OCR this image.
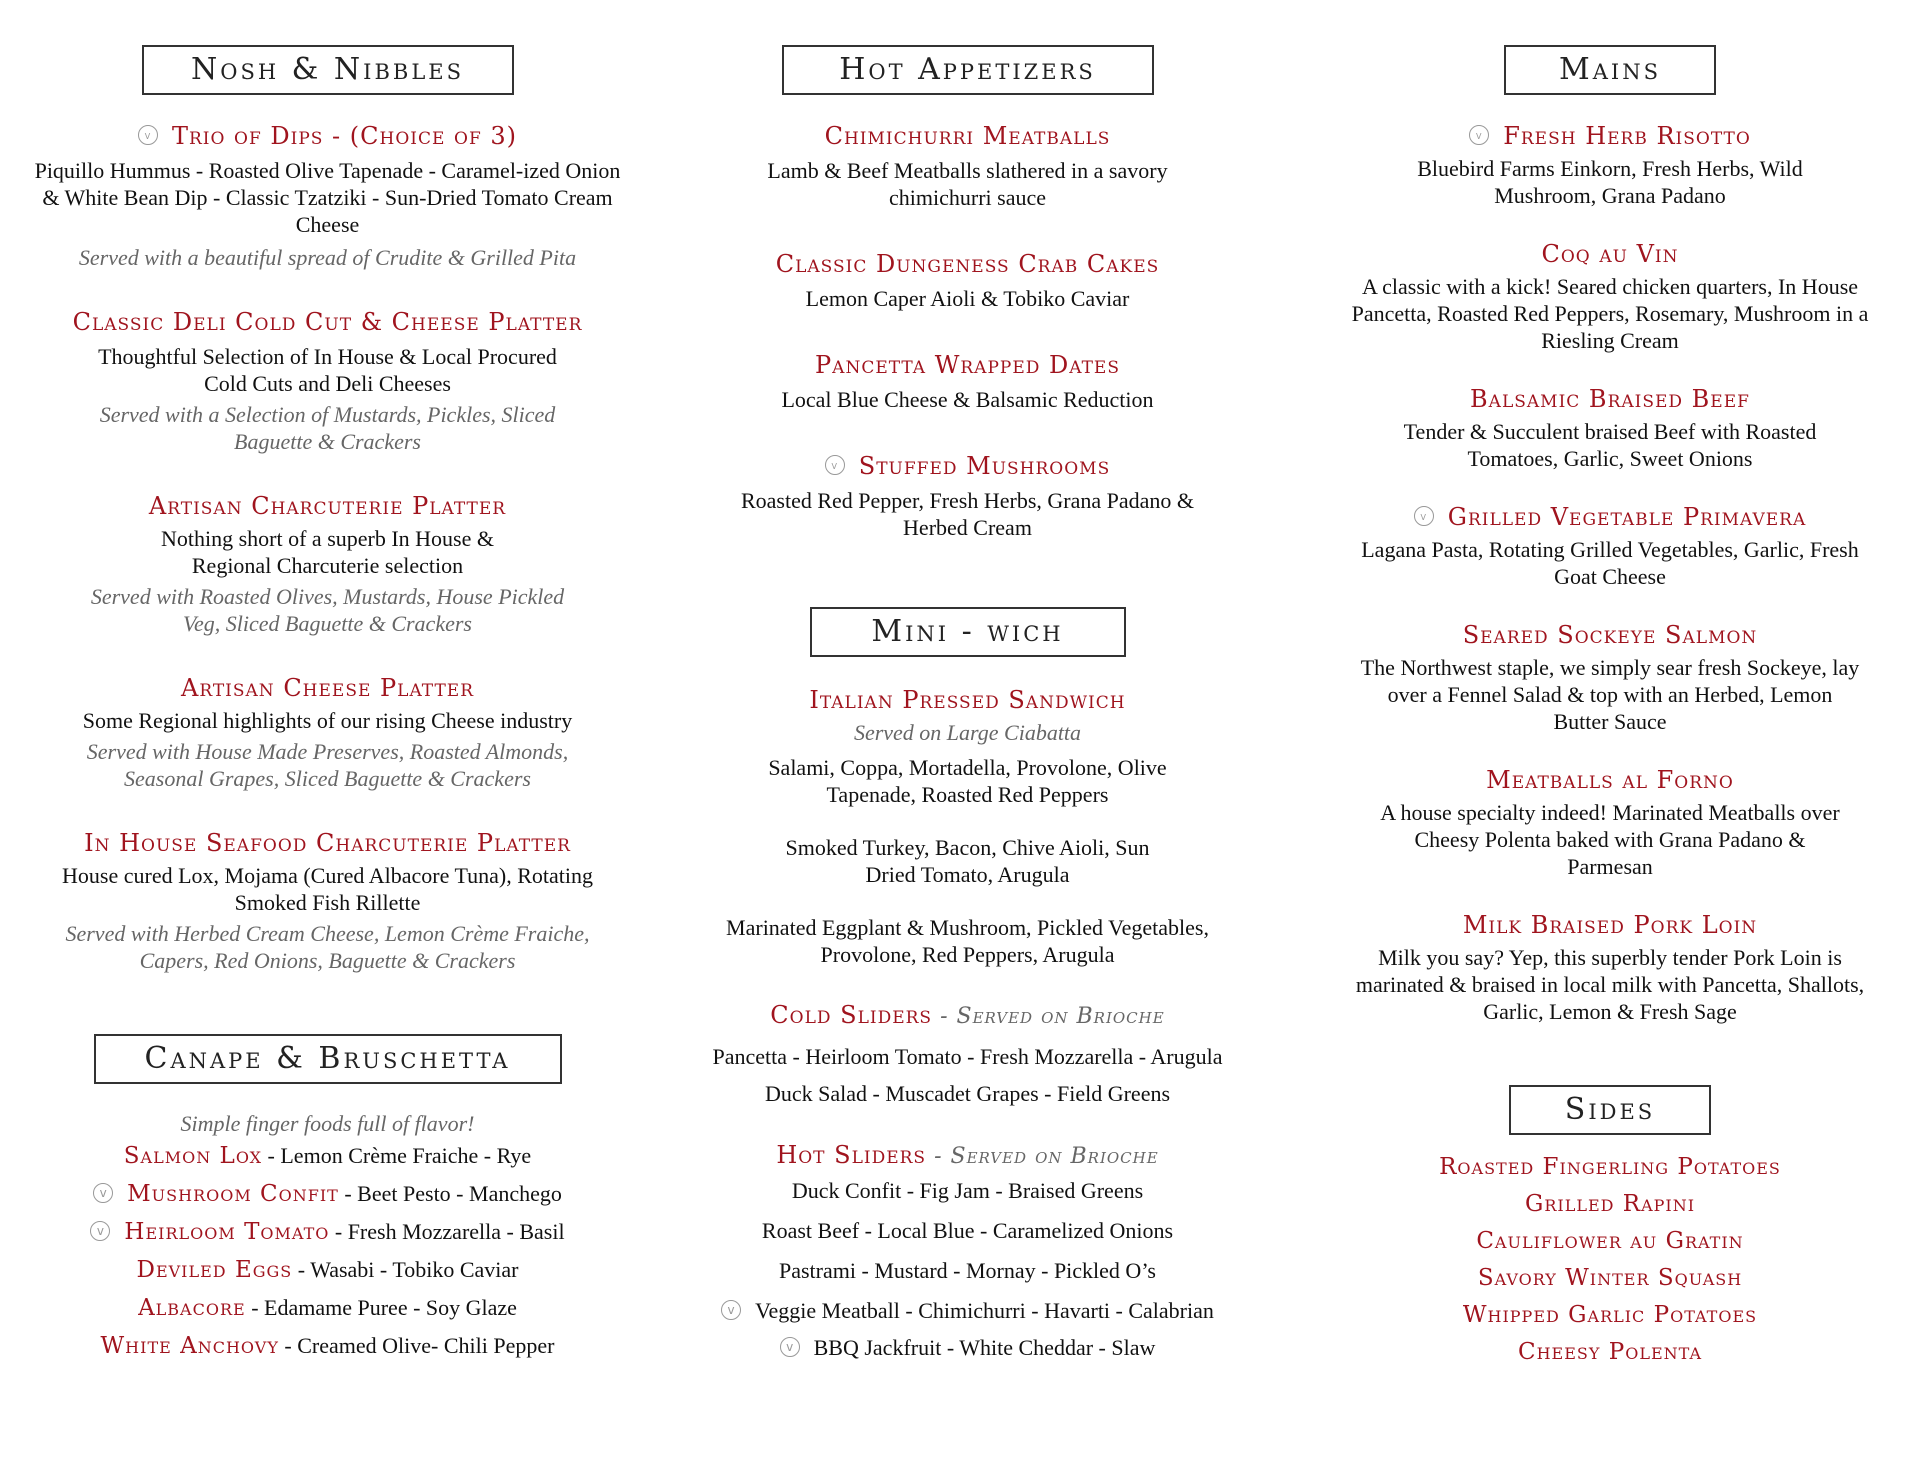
Nosh & Nibbles

v Trio of Dips - (Choice of 3)

Piquillo Hummus - Roasted Olive Tapenade - Caramel-ized Onion & White Bean Dip - Classic Tzatziki - Sun-Dried Tomato Cream Cheese

Served with a beautiful spread of Crudite & Grilled Pita

Classic Deli Cold Cut & Cheese Platter

Thoughtful Selection of In House & Local Procured Cold Cuts and Deli Cheeses

Served with a Selection of Mustards, Pickles, Sliced Baguette & Crackers

Artisan Charcuterie Platter

Nothing short of a superb In House & Regional Charcuterie selection

Served with Roasted Olives, Mustards, House Pickled Veg, Sliced Baguette & Crackers

Artisan Cheese Platter

Some Regional highlights of our rising Cheese industry

Served with House Made Preserves, Roasted Almonds, Seasonal Grapes, Sliced Baguette & Crackers

In House Seafood Charcuterie Platter

House cured Lox, Mojama (Cured Albacore Tuna), Rotating Smoked Fish Rillette

Served with Herbed Cream Cheese, Lemon Crème Fraiche, Capers, Red Onions, Baguette & Crackers

Canape & Bruschetta

Simple finger foods full of flavor!

Salmon Lox - Lemon Crème Fraiche - Rye

v Mushroom Confit - Beet Pesto - Manchego

v Heirloom Tomato - Fresh Mozzarella - Basil

Deviled Eggs - Wasabi - Tobiko Caviar

Albacore - Edamame Puree - Soy Glaze

White Anchovy - Creamed Olive- Chili Pepper

Hot Appetizers

Chimichurri Meatballs

Lamb & Beef Meatballs slathered in a savory chimichurri sauce

Classic Dungeness Crab Cakes

Lemon Caper Aioli & Tobiko Caviar

Pancetta Wrapped Dates

Local Blue Cheese & Balsamic Reduction

v Stuffed Mushrooms

Roasted Red Pepper, Fresh Herbs, Grana Padano & Herbed Cream

Mini - wich

Italian Pressed Sandwich

Served on Large Ciabatta

Salami, Coppa, Mortadella, Provolone, Olive Tapenade, Roasted Red Peppers

Smoked Turkey, Bacon, Chive Aioli, Sun Dried Tomato, Arugula

Marinated Eggplant & Mushroom, Pickled Vegetables, Provolone, Red Peppers, Arugula

Cold Sliders - Served on Brioche

Pancetta - Heirloom Tomato - Fresh Mozzarella - Arugula

Duck Salad - Muscadet Grapes - Field Greens

Hot Sliders - Served on Brioche

Duck Confit - Fig Jam - Braised Greens

Roast Beef - Local Blue - Caramelized Onions

Pastrami - Mustard - Mornay - Pickled O’s

v Veggie Meatball - Chimichurri - Havarti - Calabrian

v BBQ Jackfruit - White Cheddar - Slaw

Mains

v Fresh Herb Risotto

Bluebird Farms Einkorn, Fresh Herbs, Wild Mushroom, Grana Padano

Coq au Vin

A classic with a kick! Seared chicken quarters, In House Pancetta, Roasted Red Peppers, Rosemary, Mushroom in a Riesling Cream

Balsamic Braised Beef

Tender & Succulent braised Beef with Roasted Tomatoes, Garlic, Sweet Onions

v Grilled Vegetable Primavera

Lagana Pasta, Rotating Grilled Vegetables, Garlic, Fresh Goat Cheese

Seared Sockeye Salmon

The Northwest staple, we simply sear fresh Sockeye, lay over a Fennel Salad & top with an Herbed, Lemon Butter Sauce

Meatballs al Forno

A house specialty indeed! Marinated Meatballs over Cheesy Polenta baked with Grana Padano & Parmesan

Milk Braised Pork Loin

Milk you say? Yep, this superbly tender Pork Loin is marinated & braised in local milk with Pancetta, Shallots, Garlic, Lemon & Fresh Sage

Sides

Roasted Fingerling Potatoes

Grilled Rapini

Cauliflower au Gratin

Savory Winter Squash

Whipped Garlic Potatoes

Cheesy Polenta
